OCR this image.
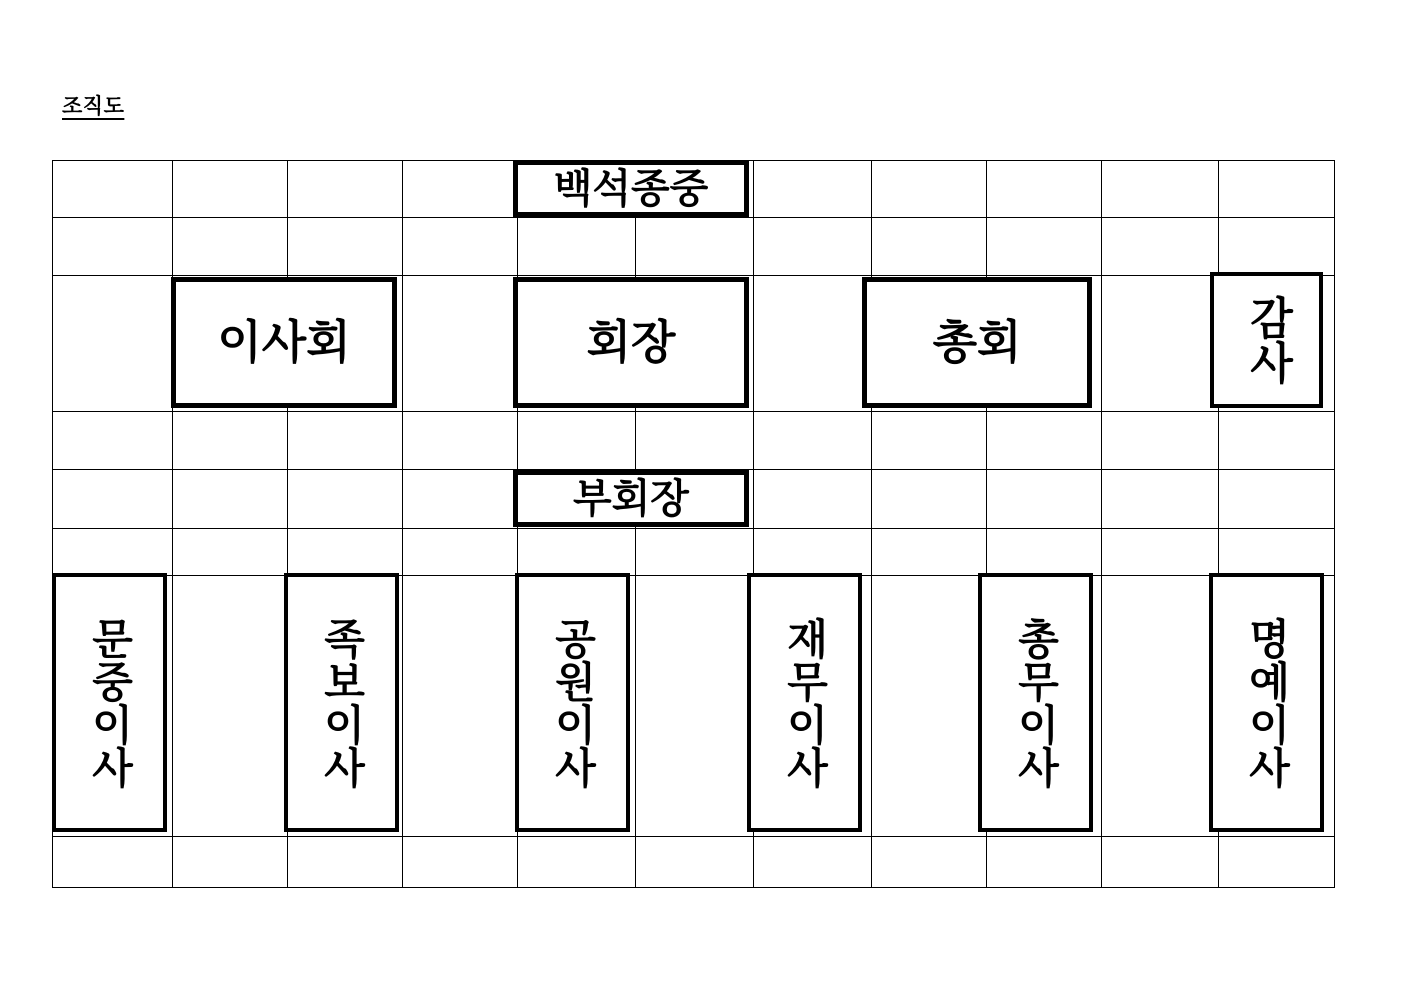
조직도

백석종중
이사회	회장	총회	감사
부회장
문중이사	족보이사	공원이사	재무이사	총무이사	명예이사
